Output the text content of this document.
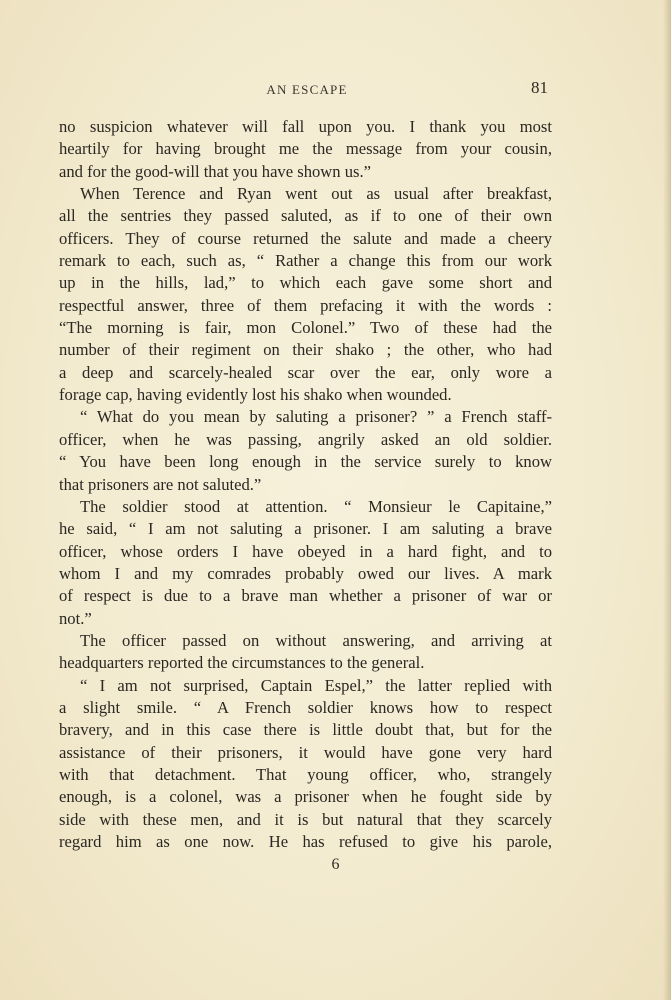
AN ESCAPE	81
no suspicion whatever will fall upon you. I thank you most
heartily for having brought me the message from your cousin,
and for the good-will that you have shown us.”
When Terence and Ryan went out as usual after breakfast,
all the sentries they passed saluted, as if to one of their own
officers. They of course returned the salute and made a cheery
remark to each, such as, “ Rather a change this from our work
up in the hills, lad,” to which each gave some short and
respectful answer, three of them prefacing it with the words :
“The morning is fair, mon Colonel.” Two of these had the
number of their regiment on their shako ; the other, who had
a deep and scarcely-healed scar over the ear, only wore a
forage cap, having evidently lost his shako when wounded.
“ What do you mean by saluting a prisoner? ” a French staff-
officer, when he was passing, angrily asked an old soldier.
“ You have been long enough in the service surely to know
that prisoners are not saluted.”
The soldier stood at attention. “ Monsieur le Capitaine,”
he said, “ I am not saluting a prisoner. I am saluting a brave
officer, whose orders I have obeyed in a hard fight, and to
whom I and my comrades probably owed our lives. A mark
of respect is due to a brave man whether a prisoner of war or
not.”
The officer passed on without answering, and arriving at
headquarters reported the circumstances to the general.
“ I am not surprised, Captain Espel,” the latter replied with
a slight smile. “ A French soldier knows how to respect
bravery, and in this case there is little doubt that, but for the
assistance of their prisoners, it would have gone very hard
with that detachment. That young officer, who, strangely
enough, is a colonel, was a prisoner when he fought side by
side with these men, and it is but natural that they scarcely
regard him as one now. He has refused to give his parole,
6
